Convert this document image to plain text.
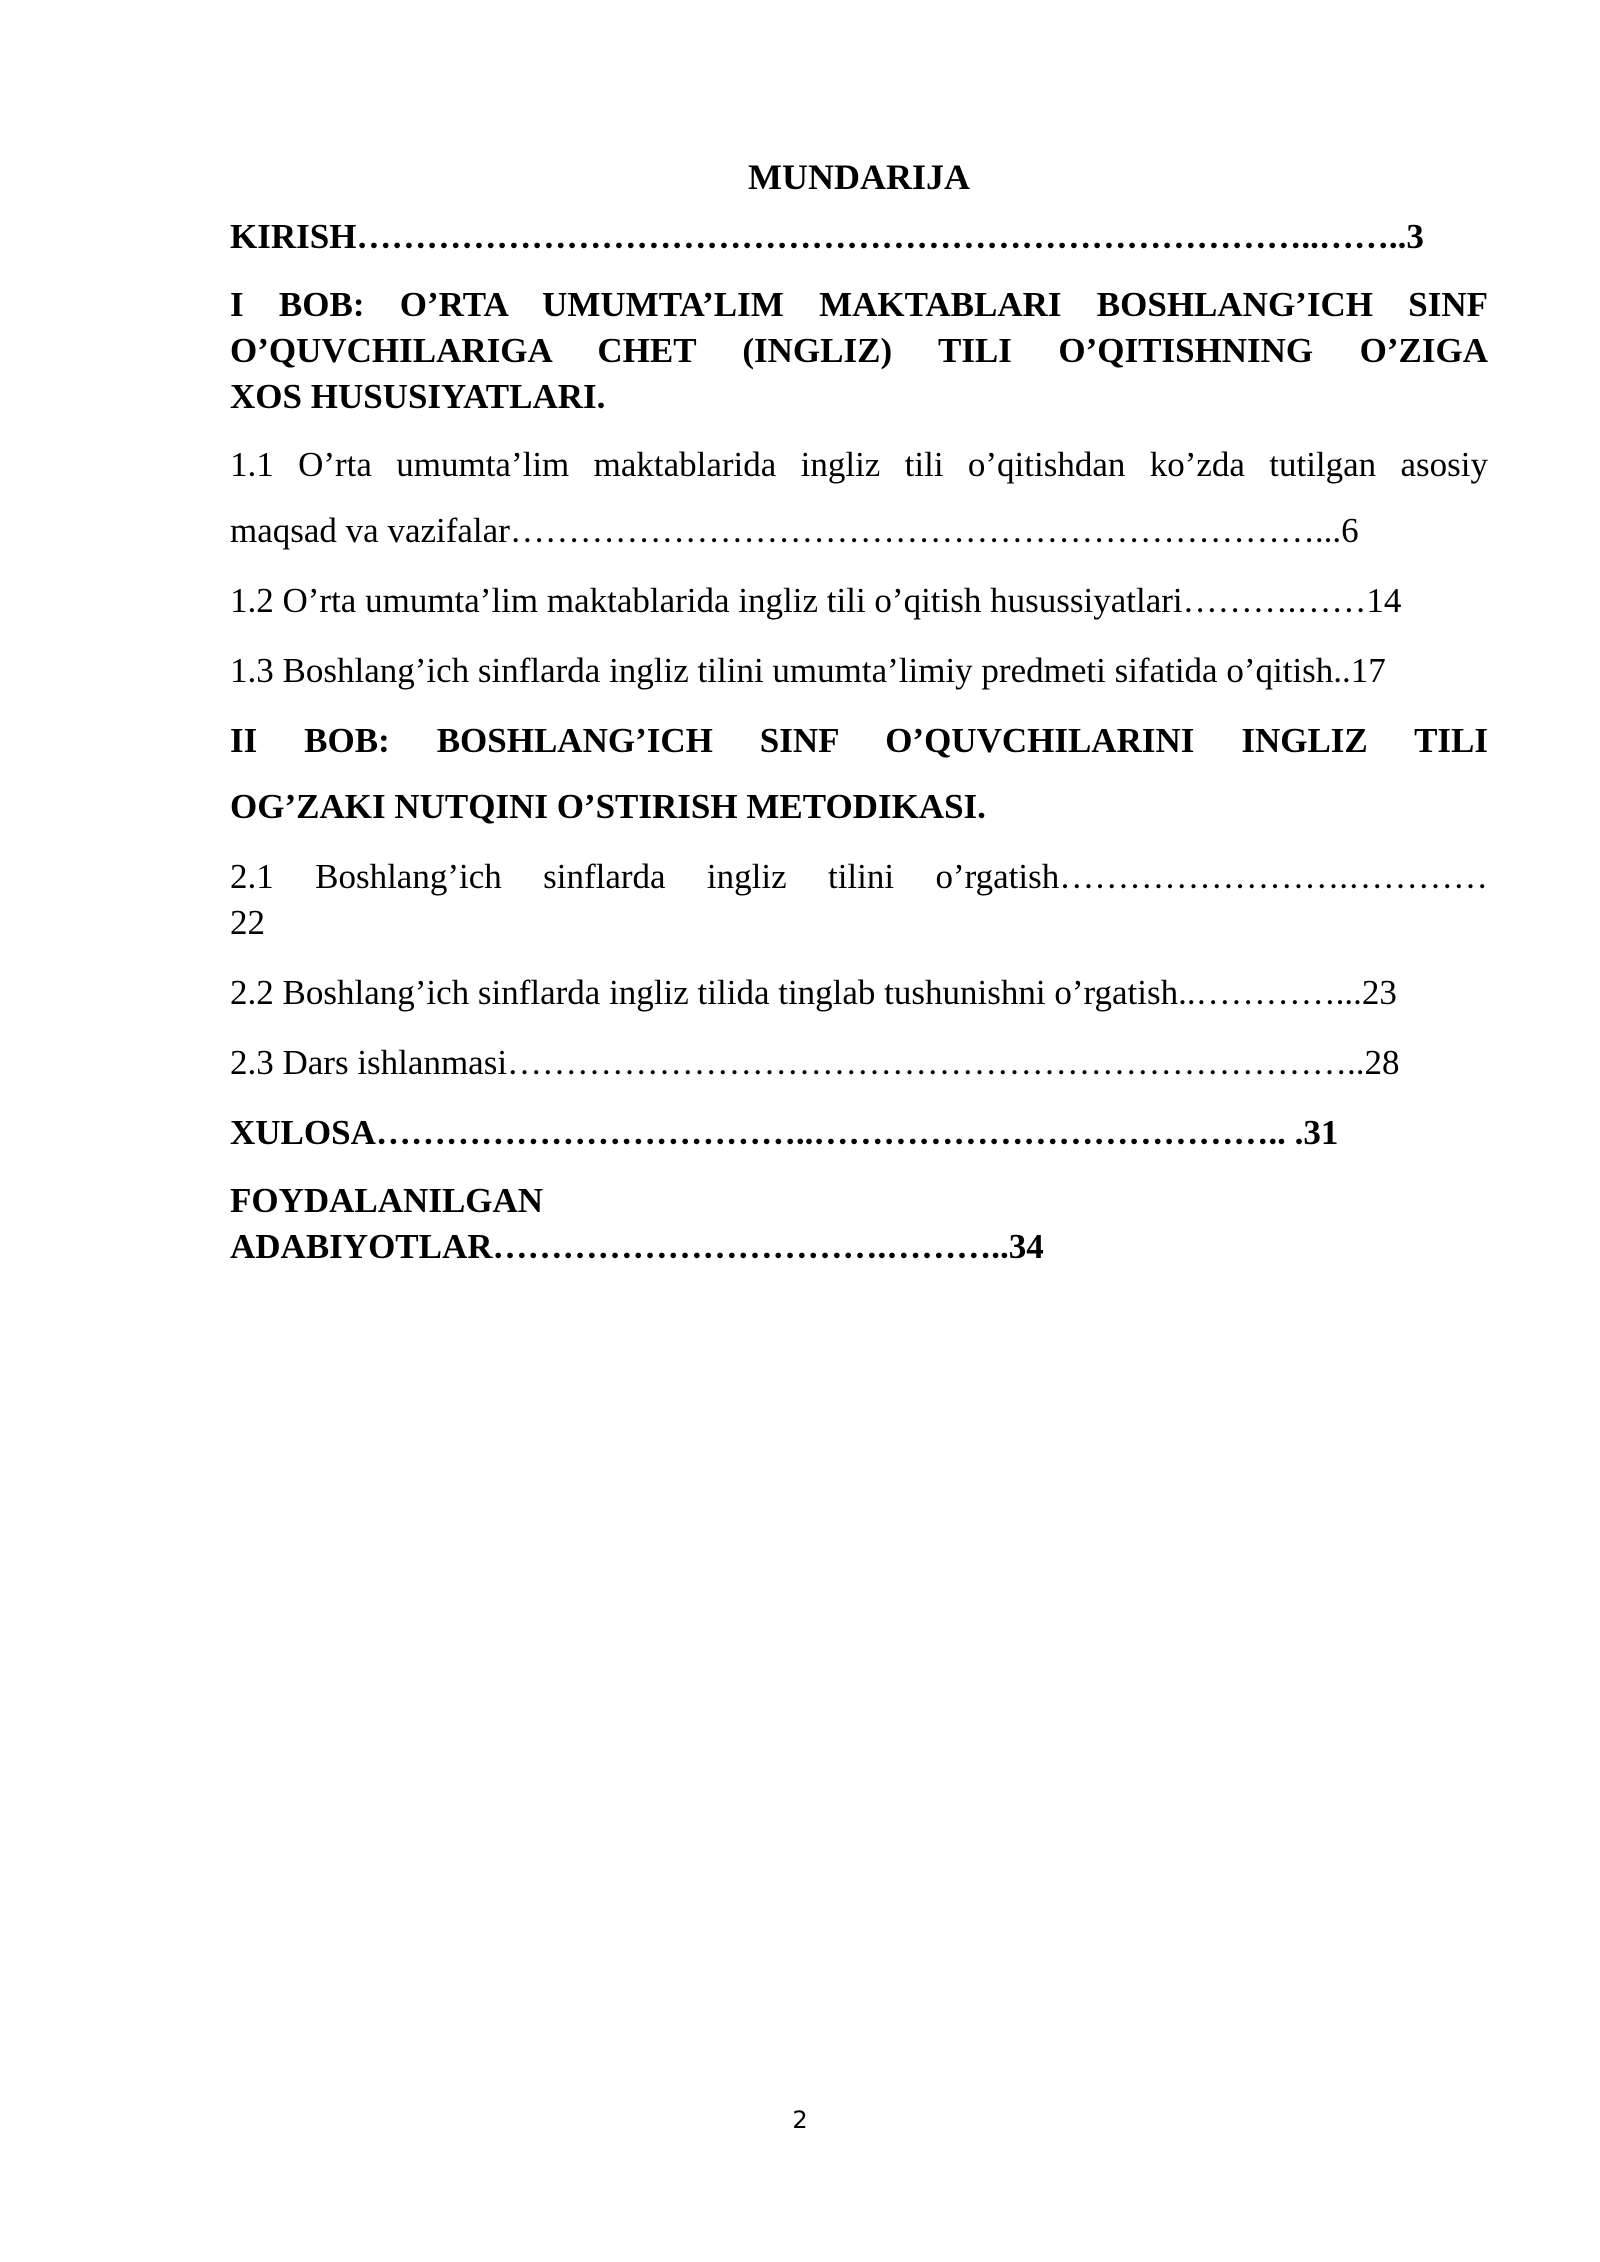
MUNDARIJA

KIRISH………………………………………………………………………..……..3

I BOB: O’RTA UMUMTA’LIM MAKTABLARI BOSHLANG’ICH SINF

O’QUVCHILARIGA CHET (INGLIZ) TILI O’QITISHNING O’ZIGA

XOS HUSUSIYATLARI.

1.1 O’rta umumta’lim maktablarida ingliz tili o’qitishdan ko’zda tutilgan asosiy

maqsad va vazifalar……………………………………………………………...6

1.2 O’rta umumta’lim maktablarida ingliz tili o’qitish husussiyatlari……….……14

1.3 Boshlang’ich sinflarda ingliz tilini umumta’limiy predmeti sifatida o’qitish..17

II BOB: BOSHLANG’ICH SINF O’QUVCHILARINI INGLIZ TILI

OG’ZAKI NUTQINI O’STIRISH METODIKASI.

2.1 Boshlang’ich sinflarda ingliz tilini o’rgatish…………………….…………

22

2.2 Boshlang’ich sinflarda ingliz tilida tinglab tushunishni o’rgatish..…………...23

2.3 Dars ishlanmasi………………………………………………………………..28

XULOSA………………………………..………………………………….. .31

FOYDALANILGAN

ADABIYOTLAR…………………………….………..34

2
